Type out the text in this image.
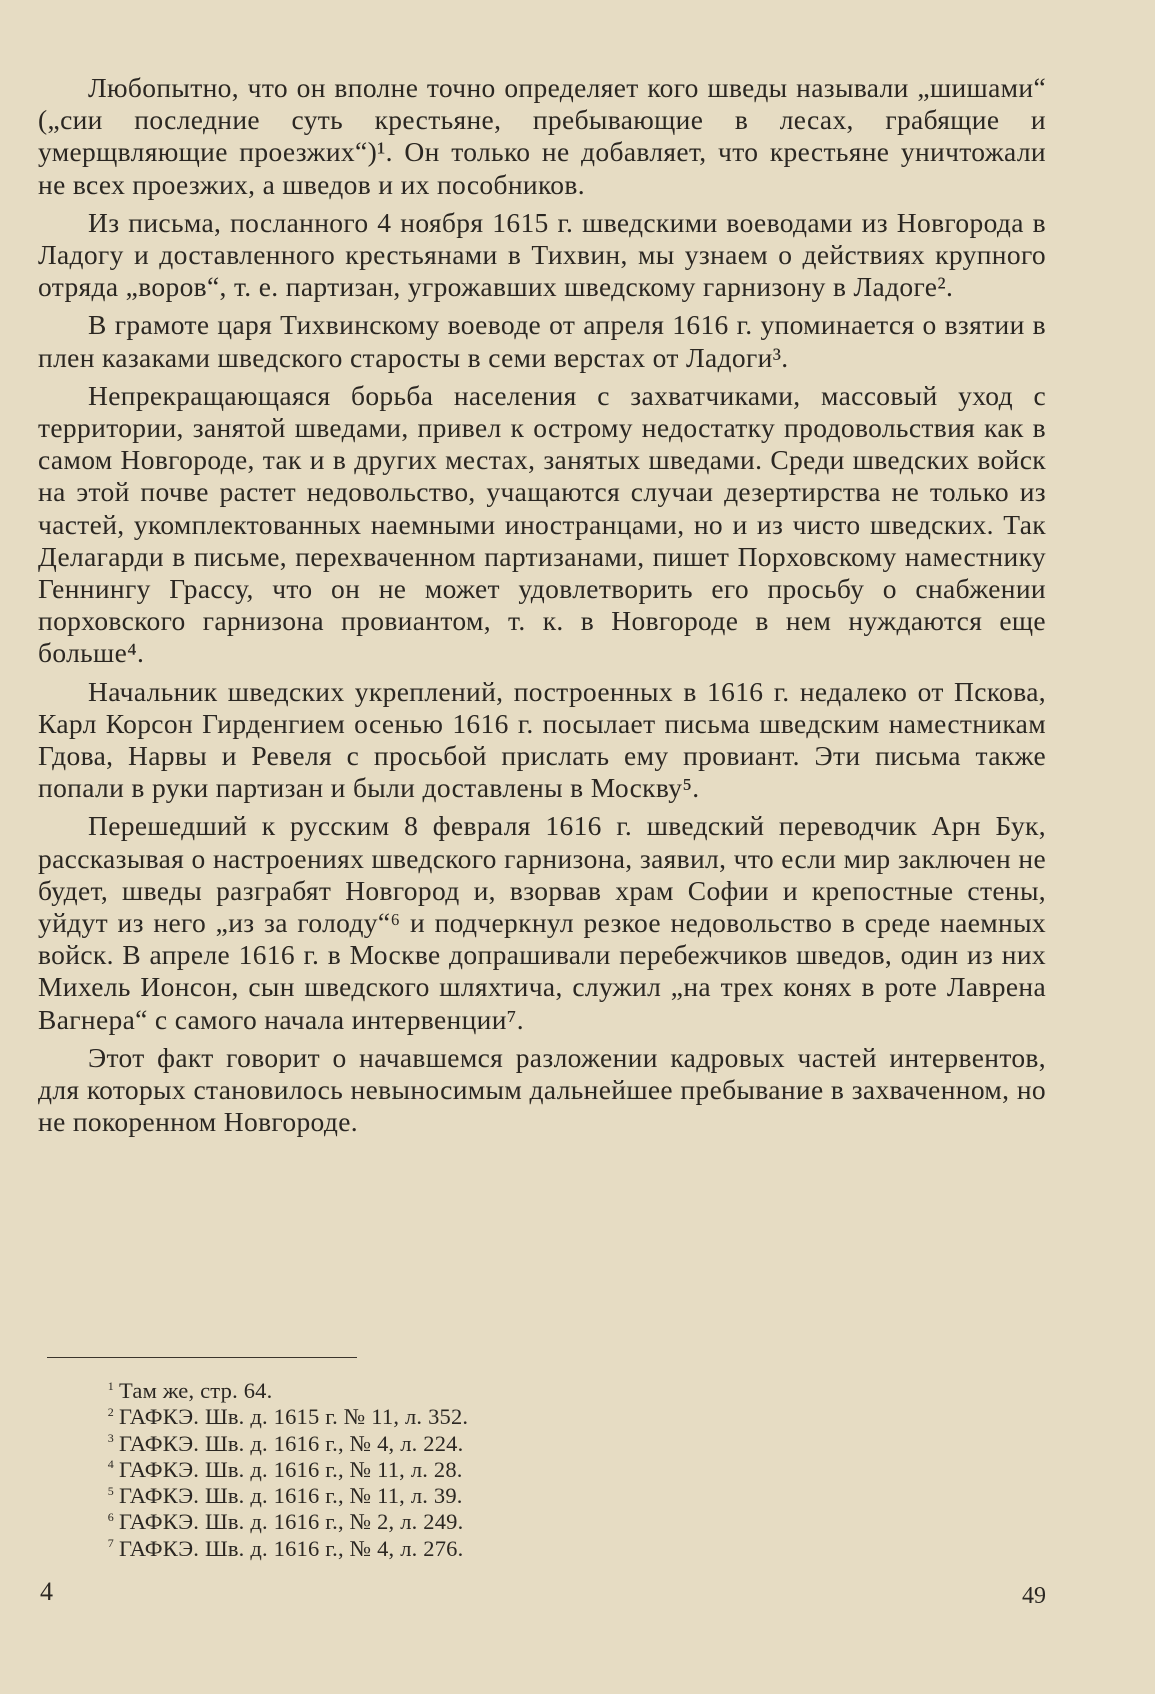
Любопытно, что он вполне точно определяет кого шведы называли „шишами“ („сии последние суть крестьяне, пребывающие в лесах, грабящие и умерщвляющие проезжих“)¹. Он только не добавляет, что крестьяне уничтожали не всех проезжих, а шведов и их пособников.

Из письма, посланного 4 ноября 1615 г. шведскими воеводами из Новгорода в Ладогу и доставленного крестьянами в Тихвин, мы узнаем о действиях крупного отряда „воров“, т. е. партизан, угрожавших шведскому гарнизону в Ладоге².

В грамоте царя Тихвинскому воеводе от апреля 1616 г. упоминается о взятии в плен казаками шведского старосты в семи верстах от Ладоги³.

Непрекращающаяся борьба населения с захватчиками, массовый уход с территории, занятой шведами, привел к острому недостатку продовольствия как в самом Новгороде, так и в других местах, занятых шведами. Среди шведских войск на этой почве растет недовольство, учащаются случаи дезертирства не только из частей, укомплектованных наемными иностранцами, но и из чисто шведских. Так Делагарди в письме, перехваченном партизанами, пишет Порховскому наместнику Геннингу Грассу, что он не может удовлетворить его просьбу о снабжении порховского гарнизона провиантом, т. к. в Новгороде в нем нуждаются еще больше⁴.

Начальник шведских укреплений, построенных в 1616 г. недалеко от Пскова, Карл Корсон Гирденгием осенью 1616 г. посылает письма шведским наместникам Гдова, Нарвы и Ревеля с просьбой прислать ему провиант. Эти письма также попали в руки партизан и были доставлены в Москву⁵.

Перешедший к русским 8 февраля 1616 г. шведский переводчик Арн Бук, рассказывая о настроениях шведского гарнизона, заявил, что если мир заключен не будет, шведы разграбят Новгород и, взорвав храм Софии и крепостные стены, уйдут из него „из за голоду“⁶ и подчеркнул резкое недовольство в среде наемных войск. В апреле 1616 г. в Москве допрашивали перебежчиков шведов, один из них Михель Ионсон, сын шведского шляхтича, служил „на трех конях в роте Лаврена Вагнера“ с самого начала интервенции⁷.

Этот факт говорит о начавшемся разложении кадровых частей интервентов, для которых становилось невыносимым дальнейшее пребывание в захваченном, но не покоренном Новгороде.

1 Там же, стр. 64.
2 ГАФКЭ. Шв. д. 1615 г. № 11, л. 352.
3 ГАФКЭ. Шв. д. 1616 г., № 4, л. 224.
4 ГАФКЭ. Шв. д. 1616 г., № 11, л. 28.
5 ГАФКЭ. Шв. д. 1616 г., № 11, л. 39.
6 ГАФКЭ. Шв. д. 1616 г., № 2, л. 249.
7 ГАФКЭ. Шв. д. 1616 г., № 4, л. 276.
4	49
